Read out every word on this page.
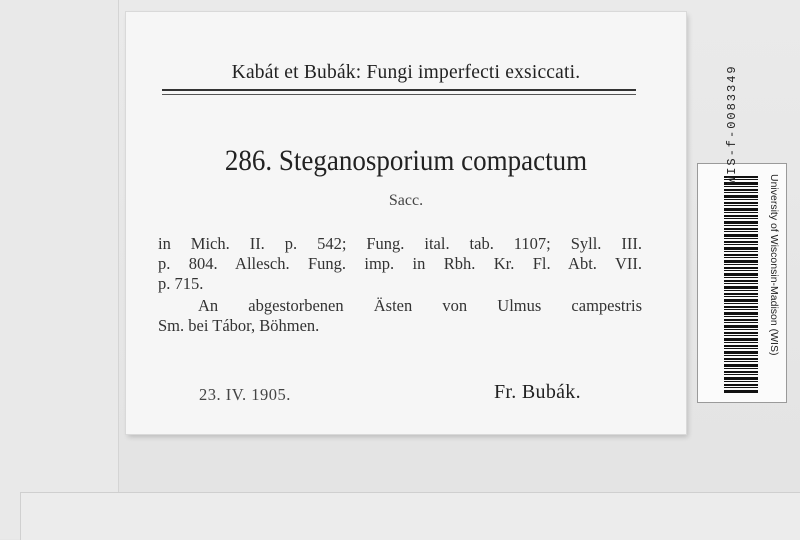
Kabát et Bubák: Fungi imperfecti exsiccati.
286. Steganosporium compactum
Sacc.
in Mich. II. p. 542; Fung. ital. tab. 1107; Syll. III.
p. 804. Allesch. Fung. imp. in Rbh. Kr. Fl. Abt. VII.
p. 715.
An abgestorbenen Ästen von Ulmus campestris
Sm. bei Tábor, Böhmen.
23. IV. 1905.	Fr. Bubák.
WIS-f-0083349
University of Wisconsin-Madison (WIS)
